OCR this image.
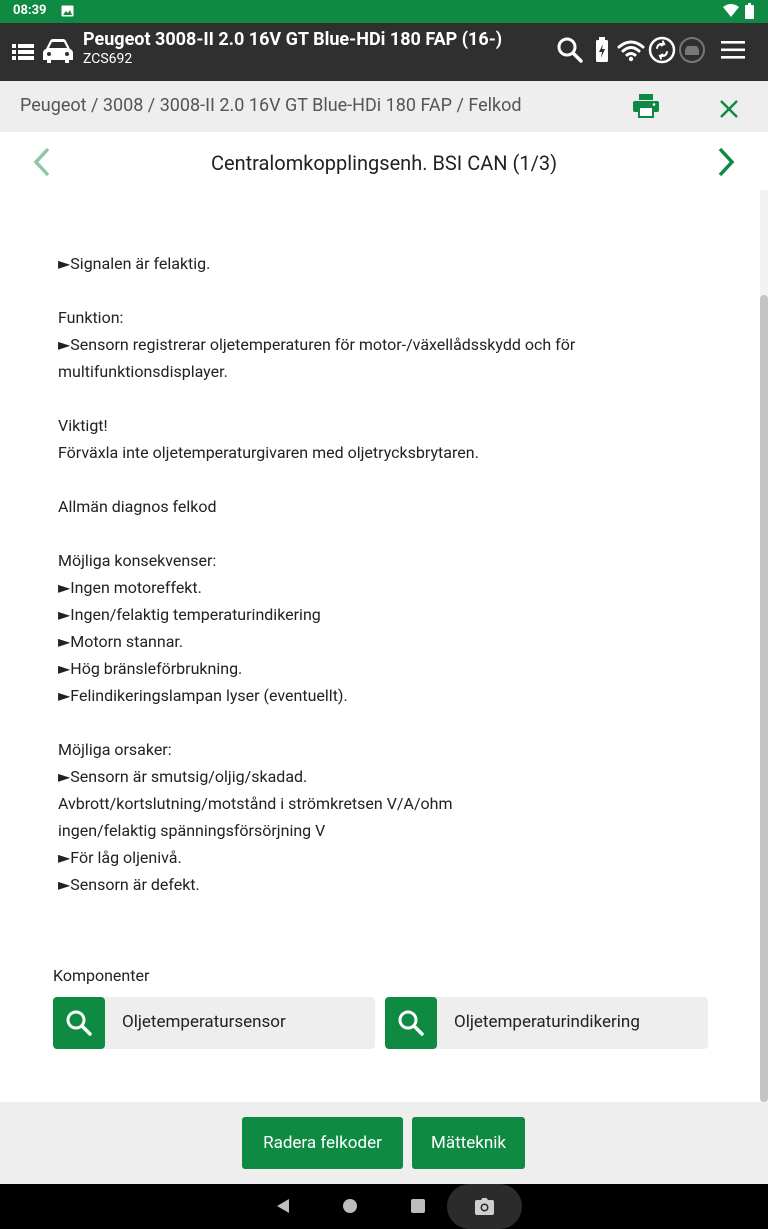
08:39
Peugeot 3008-II 2.0 16V GT Blue-HDi 180 FAP (16-)
ZCS692
Peugeot / 3008 / 3008-II 2.0 16V GT Blue-HDi 180 FAP / Felkod
Centralomkopplingsenh. BSI CAN (1/3)
►Signalen är felaktig.
Funktion:
►Sensorn registrerar oljetemperaturen för motor-/växellådsskydd och för
multifunktionsdisplayer.
Viktigt!
Förväxla inte oljetemperaturgivaren med oljetrycksbrytaren.
Allmän diagnos felkod
Möjliga konsekvenser:
►Ingen motoreffekt.
►Ingen/felaktig temperaturindikering
►Motorn stannar.
►Hög bränsleförbrukning.
►Felindikeringslampan lyser (eventuellt).
Möjliga orsaker:
►Sensorn är smutsig/oljig/skadad.
Avbrott/kortslutning/motstånd i strömkretsen V/A/ohm
ingen/felaktig spänningsförsörjning V
►För låg oljenivå.
►Sensorn är defekt.
Komponenter
Oljetemperatursensor	Oljetemperaturindikering
Radera felkoder	Mätteknik
